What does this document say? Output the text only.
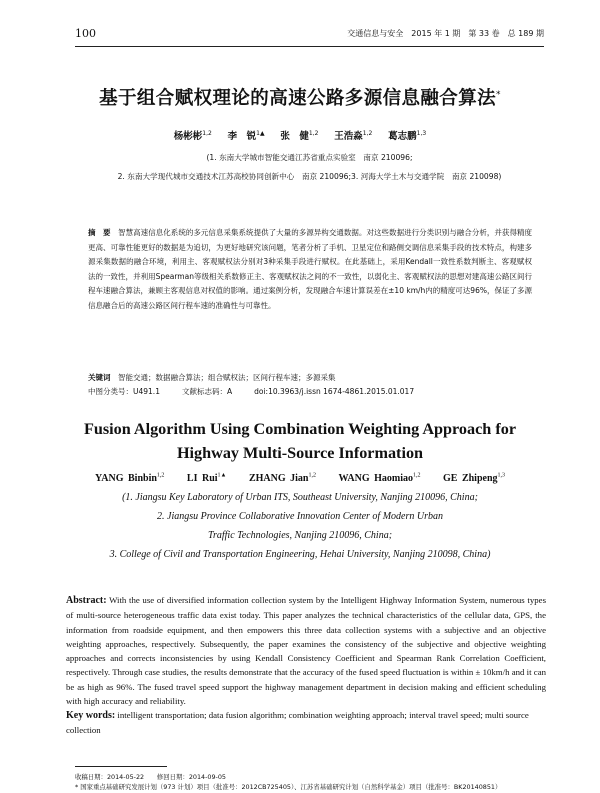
100	交通信息与安全　2015 年 1 期　第 33 卷　总 189 期
基于组合赋权理论的高速公路多源信息融合算法*
杨彬彬$^{1,2}$　 李　锐$^{1▲}$　 张　健$^{1,2}$　 王浩淼$^{1,2}$　 葛志鹏$^{1,3}$
(1. 东南大学城市智能交通江苏省重点实验室　南京 210096;
2. 东南大学现代城市交通技术江苏高校协同创新中心　南京 210096;3. 河海大学土木与交通学院　南京 210098)
摘　要　 智慧高速信息化系统的多元信息采集系统提供了大量的多源异构交通数据。对这些数据进行分类识别与融合分析，并获得精度更高、可靠性能更好的数据是为追切，为更好地研究该问题，笔者分析了手机、卫星定位和路侧交调信息采集手段的技术特点，构建多源采集数据的融合环境，利用主、客观赋权法分别对3种采集手段进行赋权。在此基础上，采用Kendall一致性系数判断主、客观赋权法的一致性，并利用Spearman等级相关系数修正主、客观赋权法之间的不一致性，以弱化主、客观赋权法的思想对建高速公路区间行程车速融合算法，兼顾主客观信息对权值的影响。通过案例分析，发现融合车速计算误差在±10 km/h内的精度可达96%，保证了多源信息融合后的高速公路区间行程车速的准确性与可靠性。
关键词　 智能交通；数据融合算法；组合赋权法；区间行程车速；多源采集
中图分类号：U491.1	文献标志码：A	doi:10.3963/j.issn 1674-4861.2015.01.017
Fusion Algorithm Using Combination Weighting Approach for Highway Multi-Source Information
YANG Binbin$^{1,2}$ LI Rui$^{1▲}$ ZHANG Jian$^{1,2}$ WANG Haomiao$^{1,2}$ GE Zhipeng$^{1,3}$
(1. Jiangsu Key Laboratory of Urban ITS, Southeast University, Nanjing 210096, China;
2. Jiangsu Province Collaborative Innovation Center of Modern Urban
Traffic Technologies, Nanjing 210096, China;
3. College of Civil and Transportation Engineering, Hehai University, Nanjing 210098, China)
Abstract: With the use of diversified information collection system by the Intelligent Highway Information System, numerous types of multi-source heterogeneous traffic data exist today. This paper analyzes the technical characteristics of the cellular data, GPS, the information from roadside equipment, and then empowers this three data collection systems with a subjective and an objective weighting approaches, respectively. Subsequently, the paper examines the consistency of the subjective and objective weighting approaches and corrects inconsistencies by using Kendall Consistency Coefficient and Spearman Rank Correlation Coefficient, respectively. Through case studies, the results demonstrate that the accuracy of the fused speed fluctuation is within ± 10km/h and it can be as high as 96%. The fused travel speed support the highway management department in decision making and efficient scheduling with high accuracy and reliability.
Key words: intelligent transportation; data fusion algorithm; combination weighting approach; interval travel speed; multi source collection
收稿日期：2014-05-22　　修回日期：2014-09-05
* 国家重点基础研究发展计划（973 计划）项目（批准号：2012CB725405）、江苏省基础研究计划（自然科学基金）项目（批准号：BK20140851）
